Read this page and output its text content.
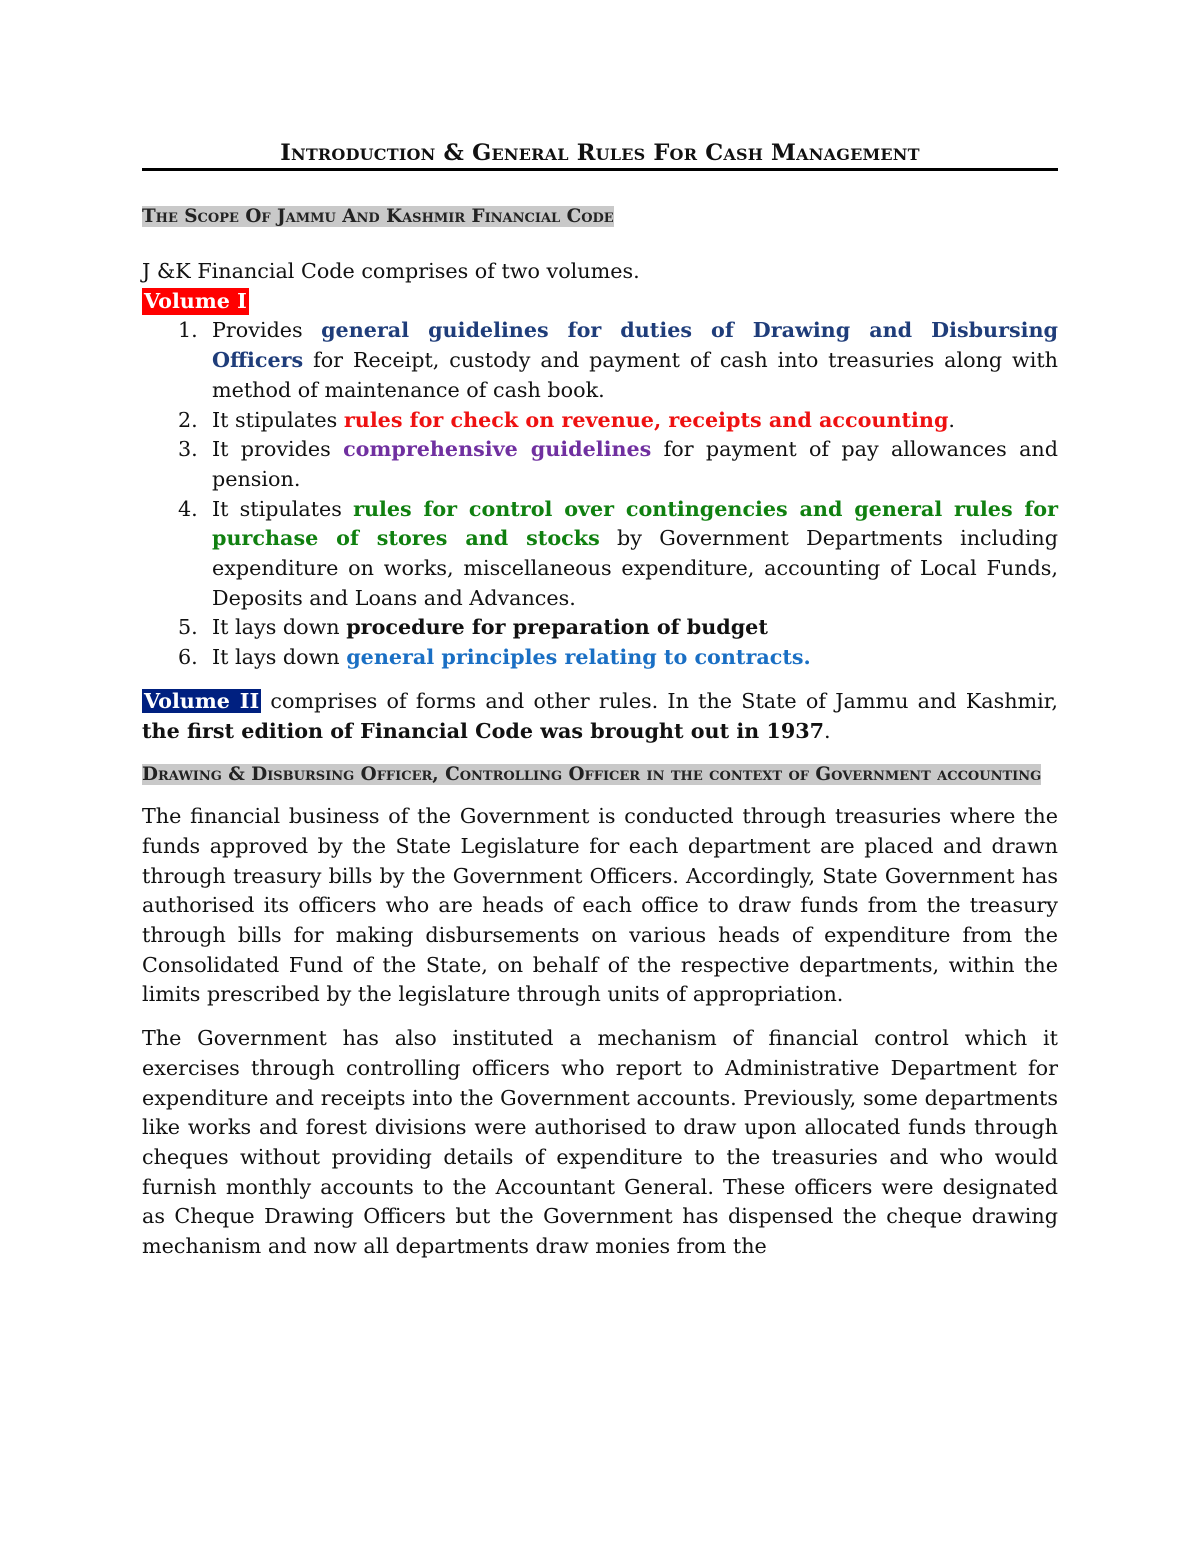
Introduction & General Rules For Cash Management
The Scope Of Jammu And Kashmir Financial Code

J &K Financial Code comprises of two volumes.

Volume I

1. Provides general guidelines for duties of Drawing and Disbursing Officers for Receipt, custody and payment of cash into treasuries along with method of maintenance of cash book.
2. It stipulates rules for check on revenue, receipts and accounting.
3. It provides comprehensive guidelines for payment of pay allowances and pension.
4. It stipulates rules for control over contingencies and general rules for purchase of stores and stocks by Government Departments including expenditure on works, miscellaneous expenditure, accounting of Local Funds, Deposits and Loans and Advances.
5. It lays down procedure for preparation of budget
6. It lays down general principles relating to contracts.

Volume II comprises of forms and other rules. In the State of Jammu and Kashmir, the first edition of Financial Code was brought out in 1937.

Drawing & Disbursing Officer, Controlling Officer in the context of Government accounting

The financial business of the Government is conducted through treasuries where the funds approved by the State Legislature for each department are placed and drawn through treasury bills by the Government Officers. Accordingly, State Government has authorised its officers who are heads of each office to draw funds from the treasury through bills for making disbursements on various heads of expenditure from the Consolidated Fund of the State, on behalf of the respective departments, within the limits prescribed by the legislature through units of appropriation.

The Government has also instituted a mechanism of financial control which it exercises through controlling officers who report to Administrative Department for expenditure and receipts into the Government accounts. Previously, some departments like works and forest divisions were authorised to draw upon allocated funds through cheques without providing details of expenditure to the treasuries and who would furnish monthly accounts to the Accountant General. These officers were designated as Cheque Drawing Officers but the Government has dispensed the cheque drawing mechanism and now all departments draw monies from the
